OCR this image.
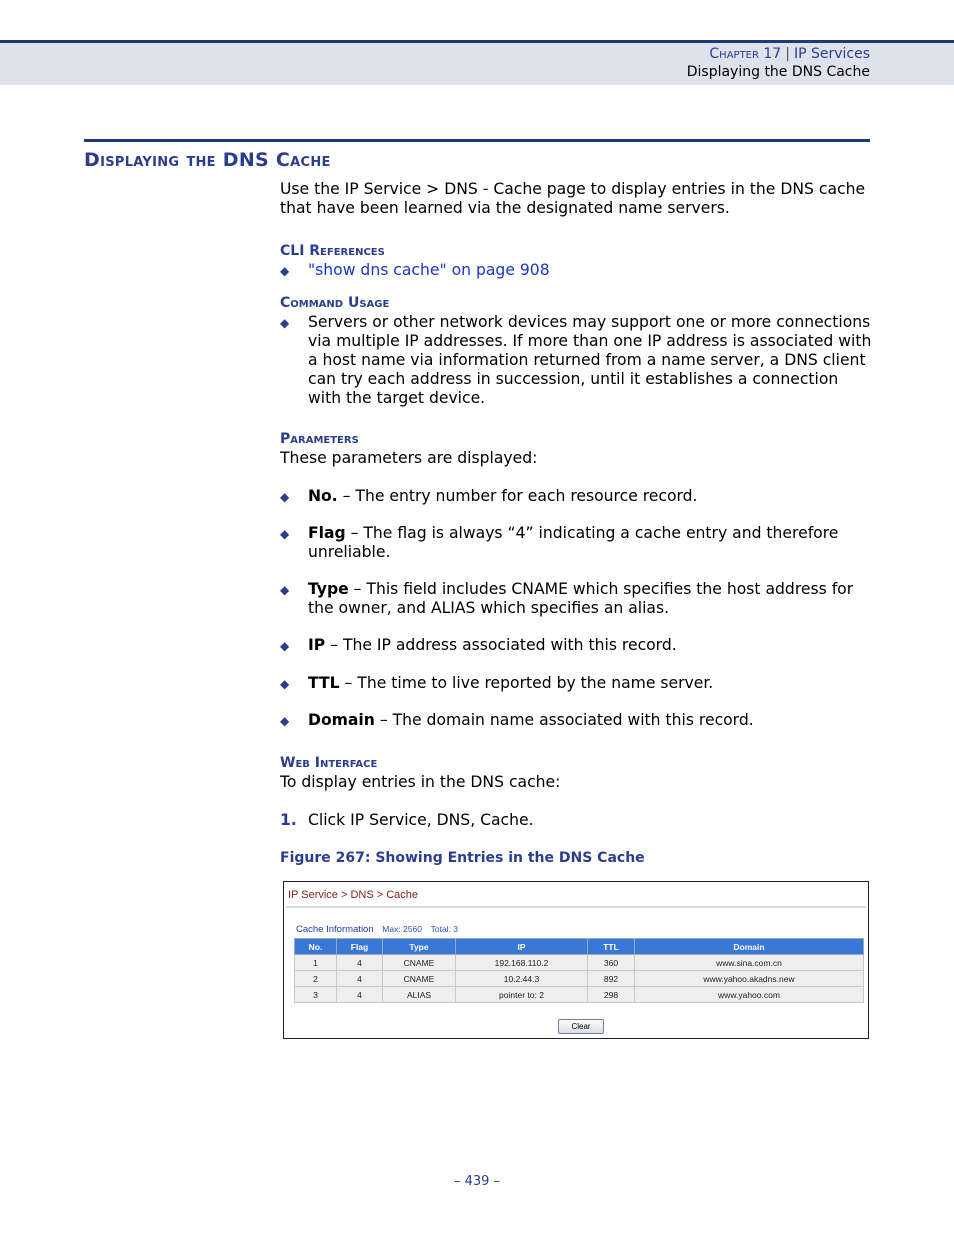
Chapter 17 | IP Services
Displaying the DNS Cache
Displaying the DNS Cache
Use the IP Service > DNS - Cache page to display entries in the DNS cache that have been learned via the designated name servers.
CLI References
◆ "show dns cache" on page 908
Command Usage
◆ Servers or other network devices may support one or more connections via multiple IP addresses. If more than one IP address is associated with a host name via information returned from a name server, a DNS client can try each address in succession, until it establishes a connection with the target device.
Parameters
These parameters are displayed:
◆ No. – The entry number for each resource record.
◆ Flag – The flag is always “4” indicating a cache entry and therefore unreliable.
◆ Type – This field includes CNAME which specifies the host address for the owner, and ALIAS which specifies an alias.
◆ IP – The IP address associated with this record.
◆ TTL – The time to live reported by the name server.
◆ Domain – The domain name associated with this record.
Web Interface
To display entries in the DNS cache:
1. Click IP Service, DNS, Cache.
Figure 267: Showing Entries in the DNS Cache
IP Service > DNS > Cache
Cache Information Max: 2560 Total: 3
No.	Flag	Type	IP	TTL	Domain
1	4	CNAME	192.168.110.2	360	www.sina.com.cn
2	4	CNAME	10.2.44.3	892	www.yahoo.akadns.new
3	4	ALIAS	pointer to: 2	298	www.yahoo.com
Clear
– 439 –
